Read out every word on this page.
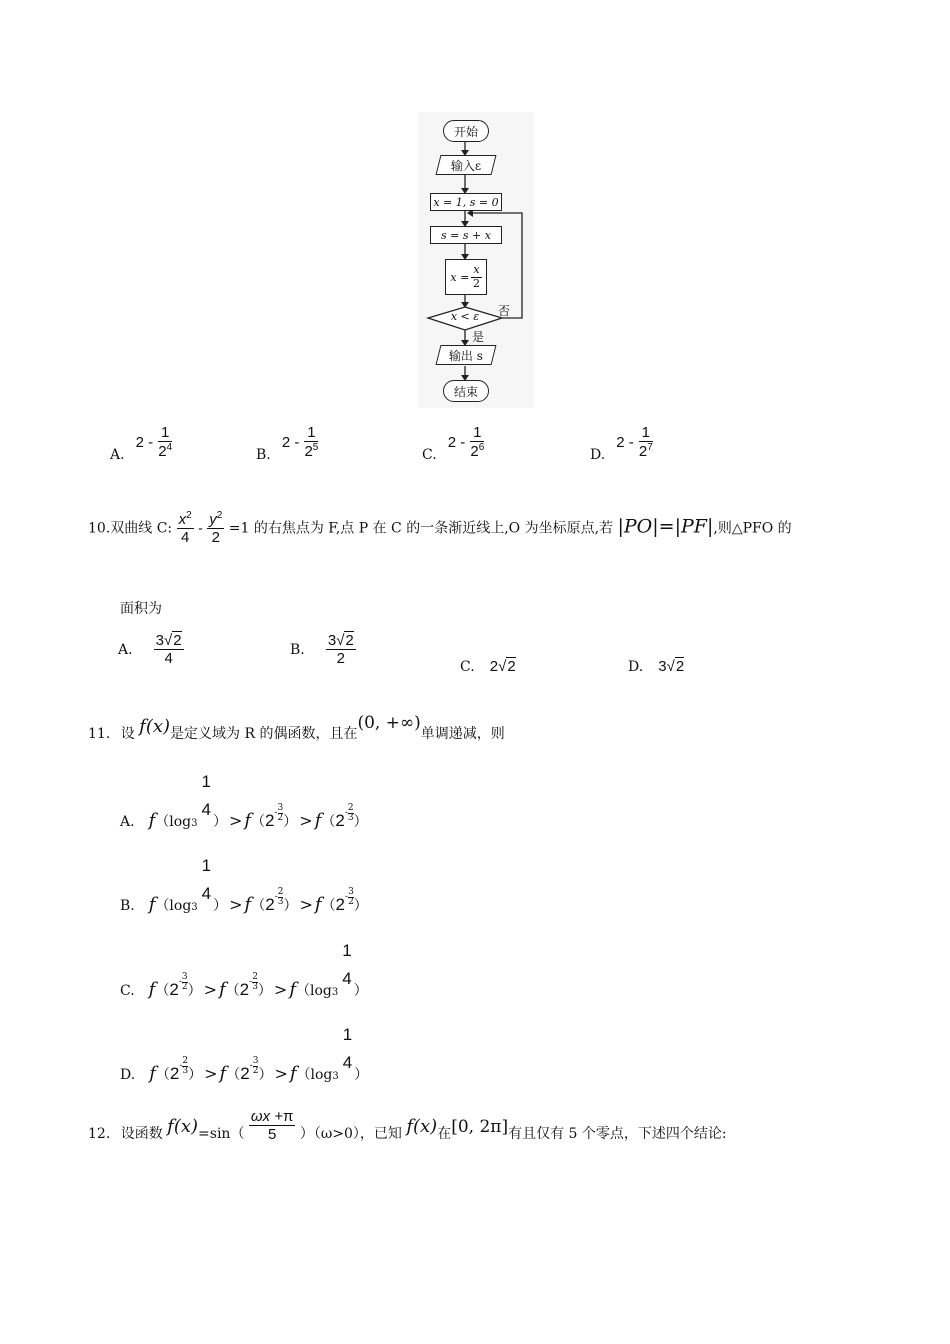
开始
输入ε
x = 1, s = 0
s = s + x
$x = \frac{x}{2}$
x < ε	否
是
输出 s
结束
A. $2 - \frac{1}{2^4}$	B. $2 - \frac{1}{2^5}$	C. $2 - \frac{1}{2^6}$	D. $2 - \frac{1}{2^7}$
10.双曲线 C: $\frac{x^2}{4} - \frac{y^2}{2} =1$ 的右焦点为 F,点 P 在 C 的一条渐近线上,O 为坐标原点,若 |PO|=|PF|,则△PFO 的
面积为
A. $\frac{3√2}{4}$	B. $\frac{3√2}{2}$	C. 2√2	D. 3√2
11. 设 f(x)是定义域为 R 的偶函数，且在(0, +∞)单调递减，则
A. f（log3
1
4
） > $f(2- \frac{3}{2}$ ） > $f(2- \frac{2}{3}$ ）
B. f（log3
1
4
） > $f(2- \frac{2}{3}$ ） > $f(2- \frac{3}{2}$ ）
C. $f(2- \frac{3}{2}$ ） > $f(2- \frac{2}{3}$ ） > f（log3
1
4
）
D. $f(2- \frac{2}{3}$ ） > $f(2- \frac{3}{2}$ ） > f（log3
1
4
）
12. 设函数 $f(x)=\sin( \frac{\omega x +\pi}{5} )(\omega>0)$，已知 f(x)在[0, 2π]有且仅有 5 个零点，下述四个结论:
